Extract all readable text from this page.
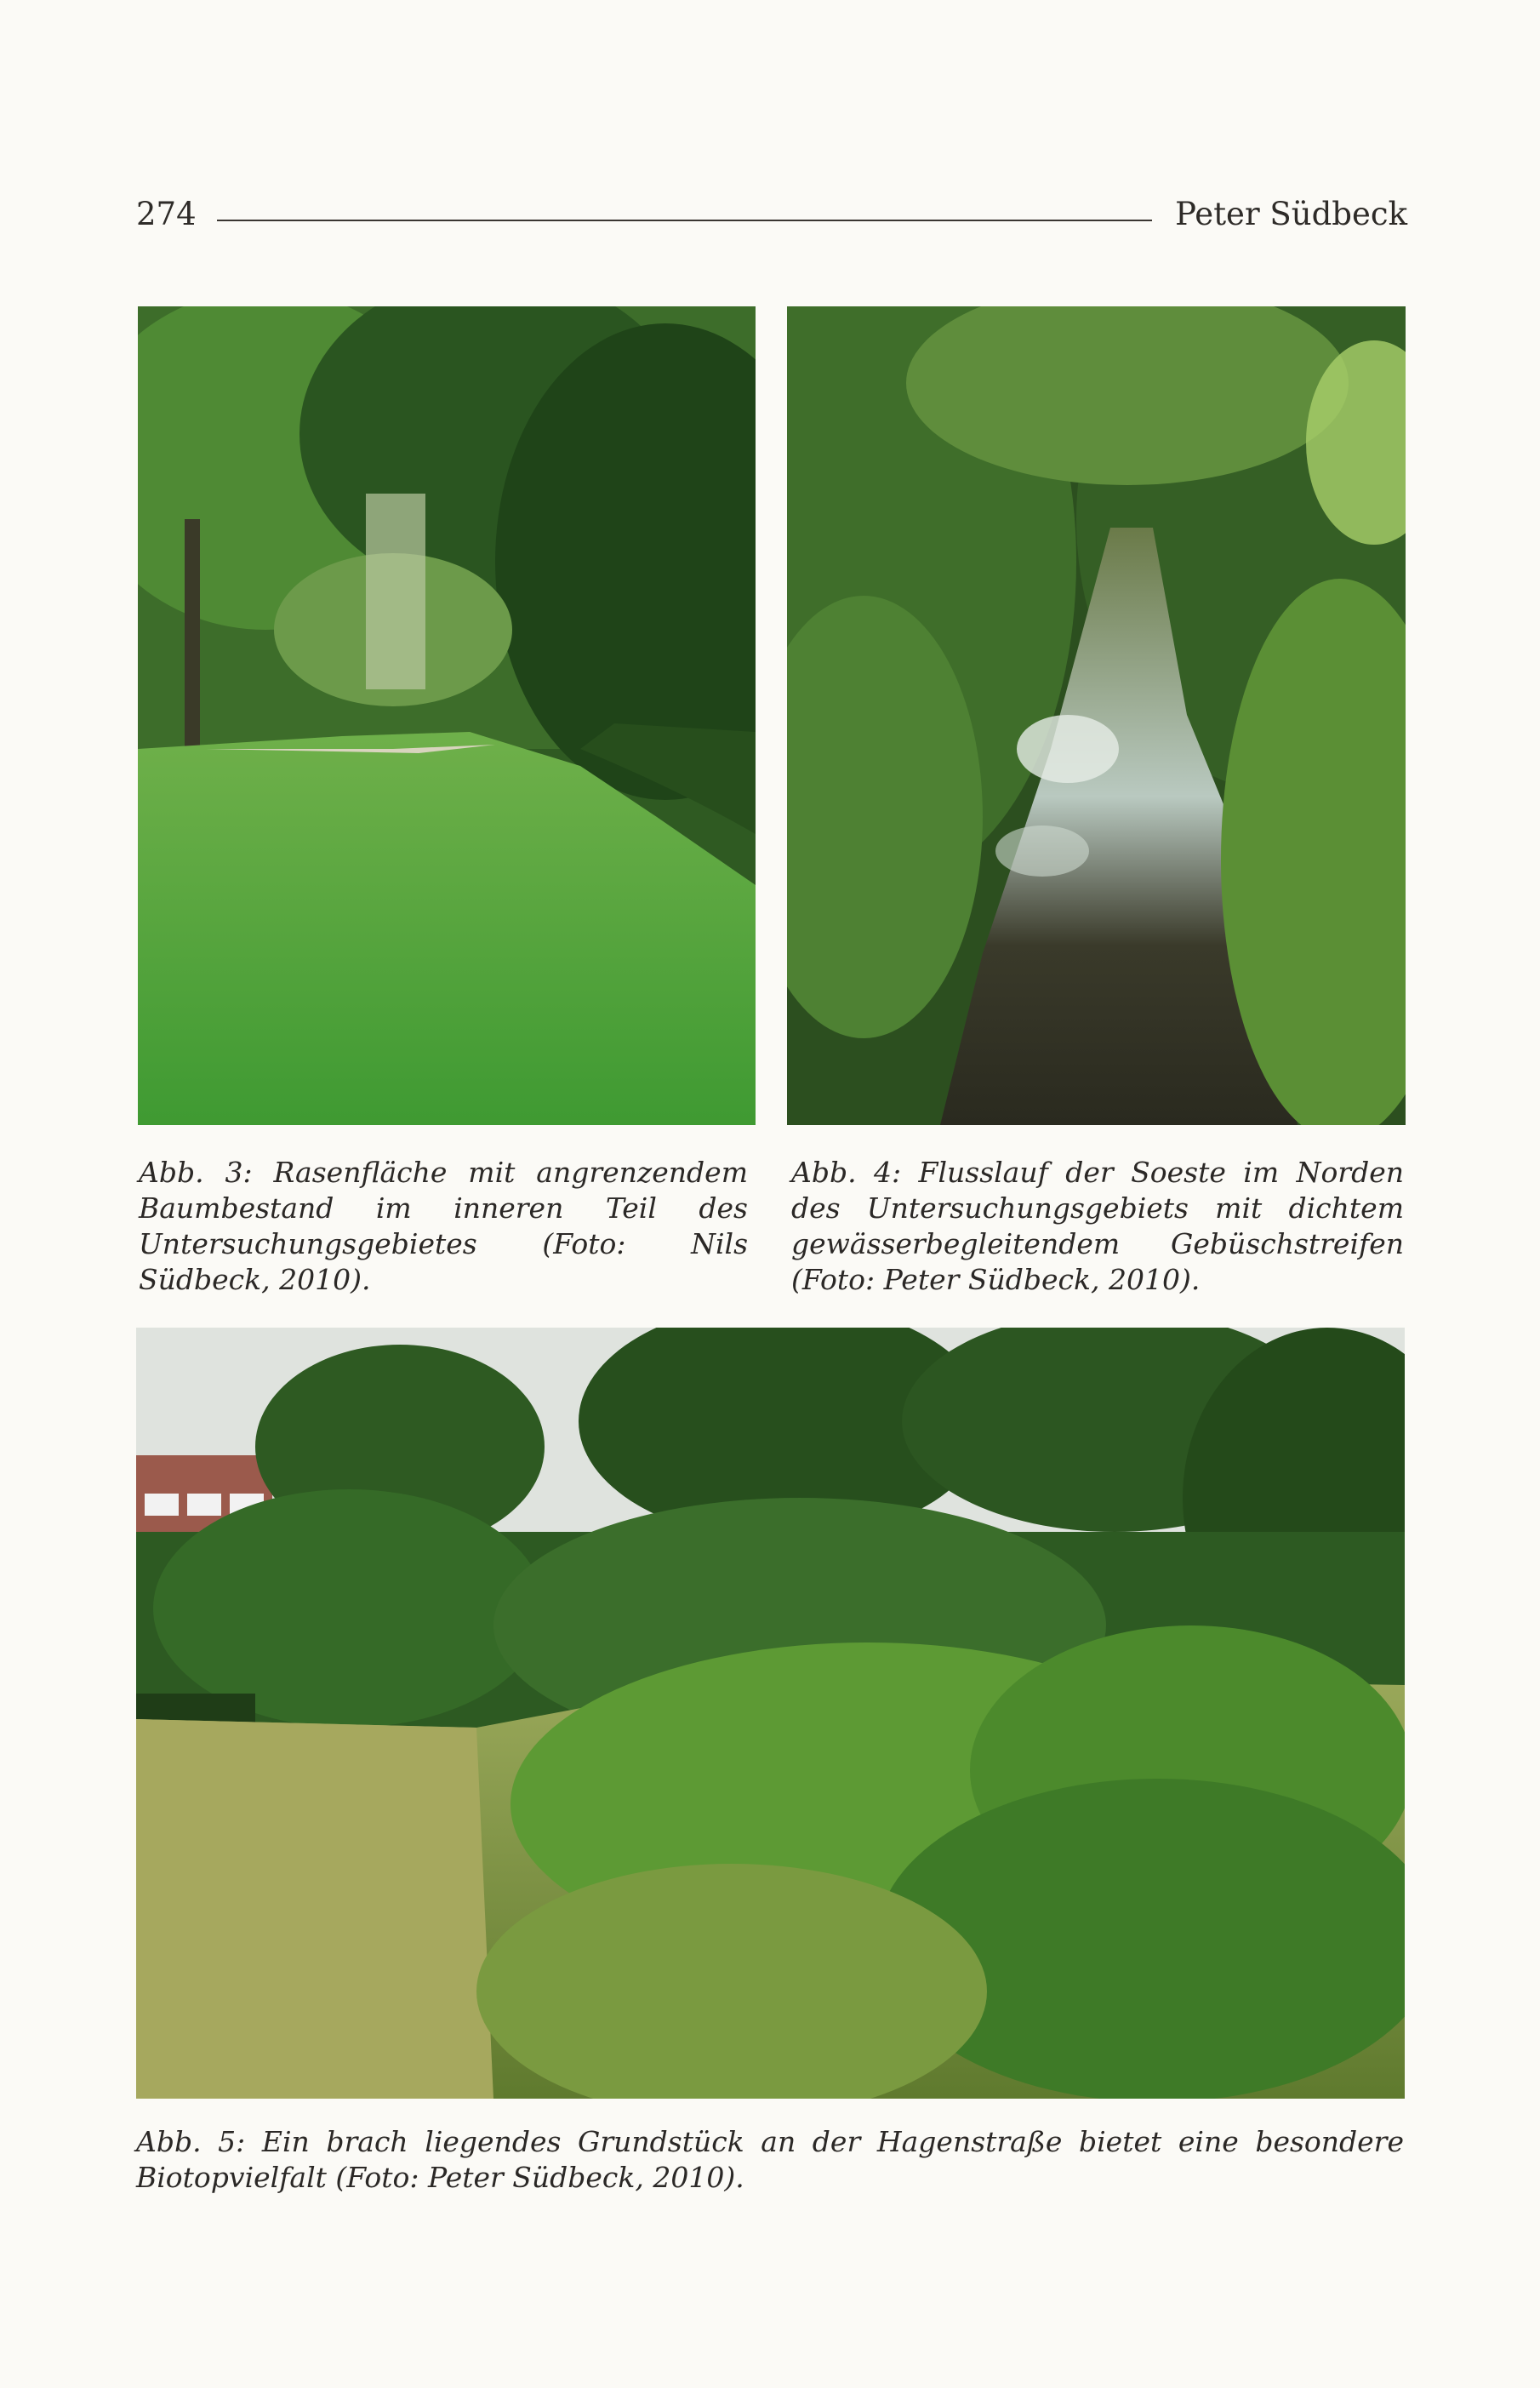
274	Peter Südbeck

Abb. 3: Rasenfläche mit angrenzendem Baumbestand im inneren Teil des Untersuchungsgebietes (Foto: Nils Südbeck, 2010).

Abb. 4: Flusslauf der Soeste im Norden des Untersuchungsgebiets mit dichtem gewässerbegleitendem Gebüschstreifen (Foto: Peter Südbeck, 2010).

Abb. 5: Ein brach liegendes Grundstück an der Hagenstraße bietet eine besondere Biotopvielfalt (Foto: Peter Südbeck, 2010).
